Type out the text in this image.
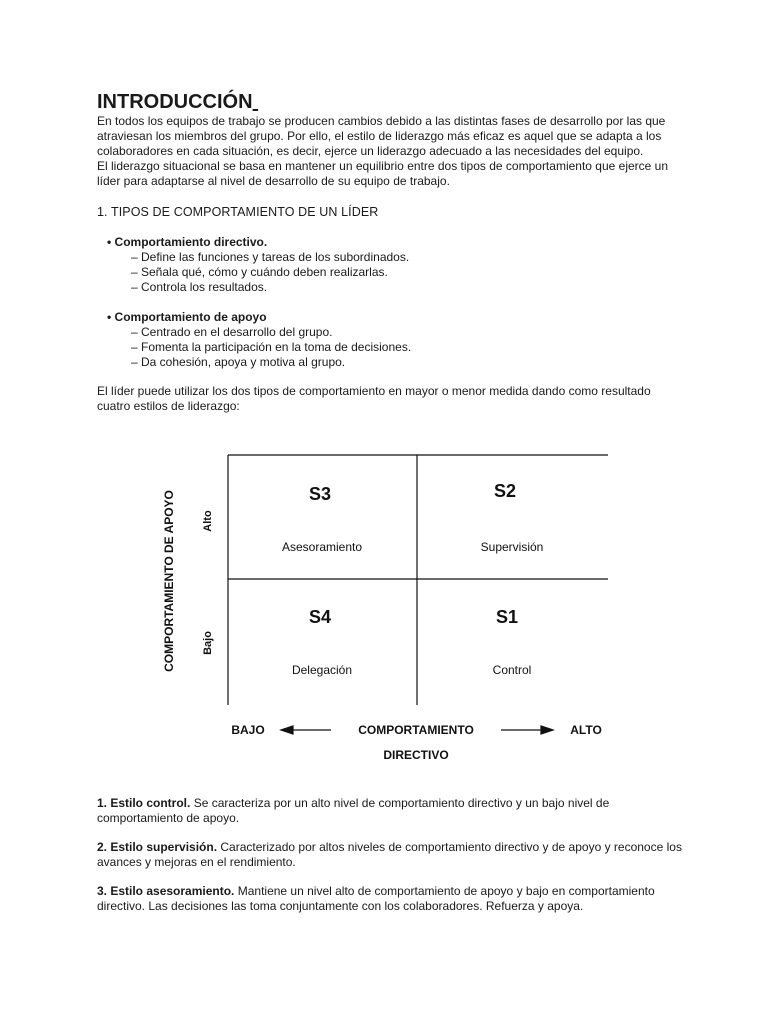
INTRODUCCIÓN

En todos los equipos de trabajo se producen cambios debido a las distintas fases de desarrollo por las que atraviesan los miembros del grupo. Por ello, el estilo de liderazgo más eficaz es aquel que se adapta a los colaboradores en cada situación, es decir, ejerce un liderazgo adecuado a las necesidades del equipo.

El liderazgo situacional se basa en mantener un equilibrio entre dos tipos de comportamiento que ejerce un líder para adaptarse al nivel de desarrollo de su equipo de trabajo.

1. TIPOS DE COMPORTAMIENTO DE UN LÍDER
• Comportamiento directivo.
– Define las funciones y tareas de los subordinados.
– Señala qué, cómo y cuándo deben realizarlas.
– Controla los resultados.
• Comportamiento de apoyo
– Centrado en el desarrollo del grupo.
– Fomenta la participación en la toma de decisiones.
– Da cohesión, apoya y motiva al grupo.

El líder puede utilizar los dos tipos de comportamiento en mayor o menor medida dando como resultado cuatro estilos de liderazgo:

COMPORTAMIENTO DE APOYO Alto
Bajo
S3
Asesoramiento
S2
Supervisión
S4
Delegación
S1
Control
BAJO	COMPORTAMIENTO
DIRECTIVO
ALTO

1. Estilo control. Se caracteriza por un alto nivel de comportamiento directivo y un bajo nivel de comportamiento de apoyo.

2. Estilo supervisión. Caracterizado por altos niveles de comportamiento directivo y de apoyo y reconoce los avances y mejoras en el rendimiento.

3. Estilo asesoramiento. Mantiene un nivel alto de comportamiento de apoyo y bajo en comportamiento directivo. Las decisiones las toma conjuntamente con los colaboradores. Refuerza y apoya.
